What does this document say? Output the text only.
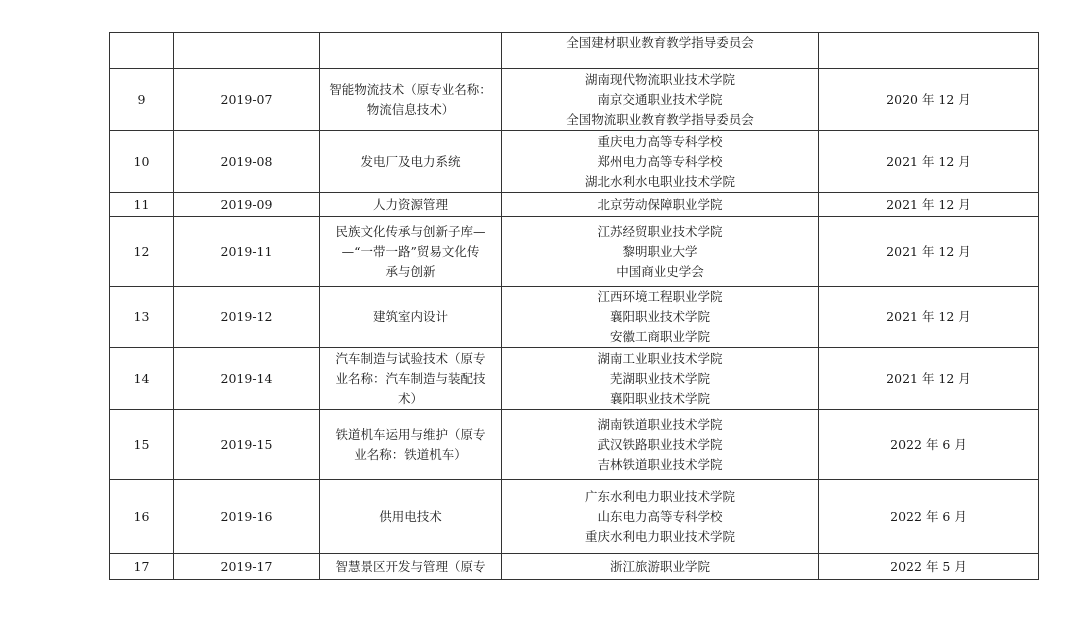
			全国建材职业教育教学指导委员会	

9	2019-07	智能物流技术（原专业名称：
物流信息技术）	湖南现代物流职业技术学院
南京交通职业技术学院
全国物流职业教育教学指导委员会	2020 年 12 月
10	2019-08	发电厂及电力系统	重庆电力高等专科学校
郑州电力高等专科学校
湖北水利水电职业技术学院	2021 年 12 月
11	2019-09	人力资源管理	北京劳动保障职业学院	2021 年 12 月
12	2019-11	民族文化传承与创新子库—
—“一带一路”贸易文化传
承与创新	江苏经贸职业技术学院
黎明职业大学
中国商业史学会	2021 年 12 月
13	2019-12	建筑室内设计	江西环境工程职业学院
襄阳职业技术学院
安徽工商职业学院	2021 年 12 月
14	2019-14	汽车制造与试验技术（原专
业名称：汽车制造与装配技
术）	湖南工业职业技术学院
芜湖职业技术学院
襄阳职业技术学院	2021 年 12 月
15	2019-15	铁道机车运用与维护（原专
业名称：铁道机车）	湖南铁道职业技术学院
武汉铁路职业技术学院
吉林铁道职业技术学院	2022 年 6 月
16	2019-16	供用电技术	广东水利电力职业技术学院
山东电力高等专科学校
重庆水利电力职业技术学院	2022 年 6 月
17	2019-17	智慧景区开发与管理（原专	浙江旅游职业学院	2022 年 5 月
